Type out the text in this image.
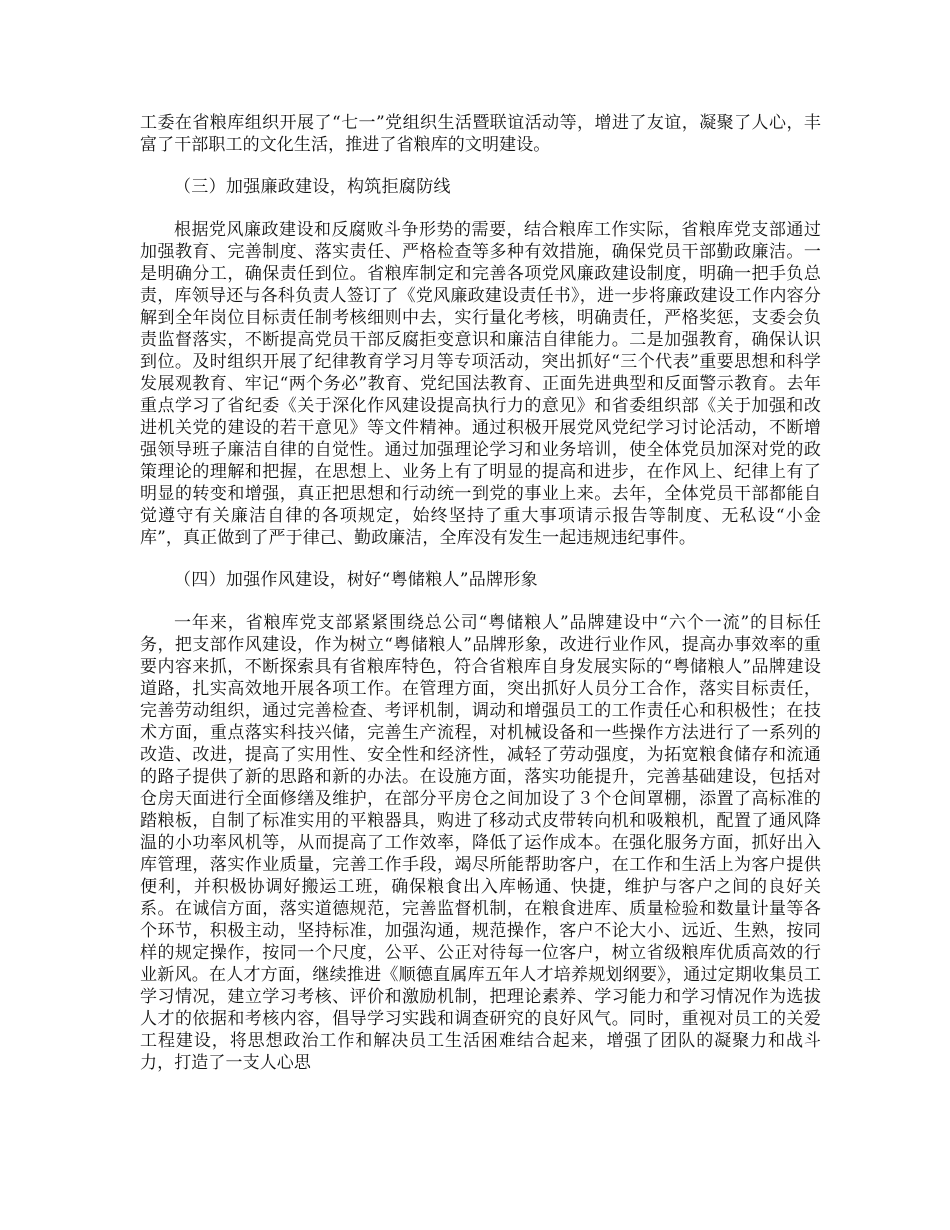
工委在省粮库组织开展了“七一”党组织生活暨联谊活动等，增进了友谊，凝聚了人心，丰富了干部职工的文化生活，推进了省粮库的文明建设。

（三）加强廉政建设，构筑拒腐防线

根据党风廉政建设和反腐败斗争形势的需要，结合粮库工作实际，省粮库党支部通过加强教育、完善制度、落实责任、严格检查等多种有效措施，确保党员干部勤政廉洁。一是明确分工，确保责任到位。省粮库制定和完善各项党风廉政建设制度，明确一把手负总责，库领导还与各科负责人签订了《党风廉政建设责任书》，进一步将廉政建设工作内容分解到全年岗位目标责任制考核细则中去，实行量化考核，明确责任，严格奖惩，支委会负责监督落实，不断提高党员干部反腐拒变意识和廉洁自律能力。二是加强教育，确保认识到位。及时组织开展了纪律教育学习月等专项活动，突出抓好“三个代表”重要思想和科学发展观教育、牢记“两个务必”教育、党纪国法教育、正面先进典型和反面警示教育。去年重点学习了省纪委《关于深化作风建设提高执行力的意见》和省委组织部《关于加强和改进机关党的建设的若干意见》等文件精神。通过积极开展党风党纪学习讨论活动，不断增强领导班子廉洁自律的自觉性。通过加强理论学习和业务培训，使全体党员加深对党的政策理论的理解和把握，在思想上、业务上有了明显的提高和进步，在作风上、纪律上有了明显的转变和增强，真正把思想和行动统一到党的事业上来。去年，全体党员干部都能自觉遵守有关廉洁自律的各项规定，始终坚持了重大事项请示报告等制度、无私设“小金库”，真正做到了严于律己、勤政廉洁，全库没有发生一起违规违纪事件。

（四）加强作风建设，树好“粤储粮人”品牌形象

一年来，省粮库党支部紧紧围绕总公司“粤储粮人”品牌建设中“六个一流”的目标任务，把支部作风建设，作为树立“粤储粮人”品牌形象，改进行业作风，提高办事效率的重要内容来抓，不断探索具有省粮库特色，符合省粮库自身发展实际的“粤储粮人”品牌建设道路，扎实高效地开展各项工作。在管理方面，突出抓好人员分工合作，落实目标责任，完善劳动组织，通过完善检查、考评机制，调动和增强员工的工作责任心和积极性；在技术方面，重点落实科技兴储，完善生产流程，对机械设备和一些操作方法进行了一系列的改造、改进，提高了实用性、安全性和经济性，减轻了劳动强度，为拓宽粮食储存和流通的路子提供了新的思路和新的办法。在设施方面，落实功能提升，完善基础建设，包括对仓房天面进行全面修缮及维护，在部分平房仓之间加设了３个仓间罩棚，添置了高标准的踏粮板，自制了标准实用的平粮器具，购进了移动式皮带转向机和吸粮机，配置了通风降温的小功率风机等，从而提高了工作效率，降低了运作成本。在强化服务方面，抓好出入库管理，落实作业质量，完善工作手段，竭尽所能帮助客户，在工作和生活上为客户提供便利，并积极协调好搬运工班，确保粮食出入库畅通、快捷，维护与客户之间的良好关系。在诚信方面，落实道德规范，完善监督机制，在粮食进库、质量检验和数量计量等各个环节，积极主动，坚持标准，加强沟通，规范操作，客户不论大小、远近、生熟，按同样的规定操作，按同一个尺度，公平、公正对待每一位客户，树立省级粮库优质高效的行业新风。在人才方面，继续推进《顺德直属库五年人才培养规划纲要》，通过定期收集员工学习情况，建立学习考核、评价和激励机制，把理论素养、学习能力和学习情况作为选拔人才的依据和考核内容，倡导学习实践和调查研究的良好风气。同时，重视对员工的关爱工程建设，将思想政治工作和解决员工生活困难结合起来，增强了团队的凝聚力和战斗力，打造了一支人心思
